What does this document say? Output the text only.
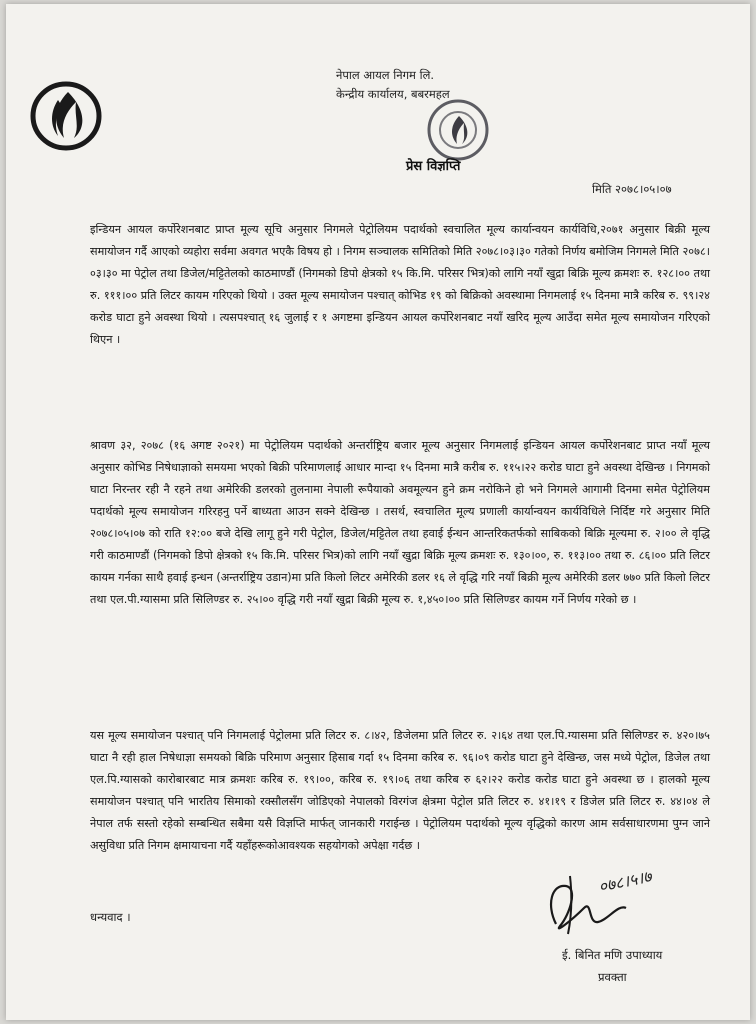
नेपाल आयल निगम लि.
केन्द्रीय कार्यालय, बबरमहल
प्रेस विज्ञप्ति
मिति २०७८।०५।०७

इन्डियन आयल कर्पोरेशनबाट प्राप्त मूल्य सूचि अनुसार निगमले पेट्रोलियम पदार्थको स्वचालित मूल्य कार्यान्वयन कार्यविधि,२०७१ अनुसार बिक्री मूल्य समायोजन गर्दै आएको व्यहोरा सर्वमा अवगत भएकै विषय हो । निगम सञ्चालक समितिको मिति २०७८।०३।३० गतेको निर्णय बमोजिम निगमले मिति २०७८।०३।३० मा पेट्रोल तथा डिजेल/मट्टितेलको काठमाण्डौं (निगमको डिपो क्षेत्रको १५ कि.मि. परिसर भित्र)को लागि नयाँ खुद्रा बिक्रि मूल्य क्रमशः रु. १२८।०० तथा रु. १११।०० प्रति लिटर कायम गरिएको थियो । उक्त मूल्य समायोजन पश्चात् कोभिड १९ को बिक्रिको अवस्थामा निगमलाई १५ दिनमा मात्रै करिब रु. ९९।२४ करोड घाटा हुने अवस्था थियो । त्यसपश्चात् १६ जुलाई र १ अगष्टमा इन्डियन आयल कर्पोरेशनबाट नयाँ खरिद मूल्य आउँदा समेत मूल्य समायोजन गरिएको थिएन ।

श्रावण ३२, २०७८ (१६ अगष्ट २०२१) मा पेट्रोलियम पदार्थको अन्तर्राष्ट्रिय बजार मूल्य अनुसार निगमलाई इन्डियन आयल कर्पोरेशनबाट प्राप्त नयाँ मूल्य अनुसार कोभिड निषेधाज्ञाको समयमा भएको बिक्री परिमाणलाई आधार मान्दा १५ दिनमा मात्रै करीब रु. ११५।२२ करोड घाटा हुने अवस्था देखिन्छ । निगमको घाटा निरन्तर रही नै रहने तथा अमेरिकी डलरको तुलनामा नेपाली रूपैयाको अवमूल्यन हुने क्रम नरोकिने हो भने निगमले आगामी दिनमा समेत पेट्रोलियम पदार्थको मूल्य समायोजन गरिरहनु पर्ने बाध्यता आउन सक्ने देखिन्छ । तसर्थ, स्वचालित मूल्य प्रणाली कार्यान्वयन कार्यविधिले निर्दिष्ट गरे अनुसार मिति २०७८।०५।०७ को राति १२:०० बजे देखि लागू हुने गरी पेट्रोल, डिजेल/मट्टितेल तथा हवाई ईन्धन आन्तरिकतर्फको साबिकको बिक्रि मूल्यमा रु. २।०० ले वृद्धि गरी काठमाण्डौं (निगमको डिपो क्षेत्रको १५ कि.मि. परिसर भित्र)को लागि नयाँ खुद्रा बिक्रि मूल्य क्रमशः रु. १३०।००, रु. ११३।०० तथा रु. ८६।०० प्रति लिटर कायम गर्नका साथै हवाई इन्धन (अन्तर्राष्ट्रिय उडान)मा प्रति किलो लिटर अमेरिकी डलर १६ ले वृद्धि गरि नयाँ बिक्री मूल्य अमेरिकी डलर ७७० प्रति किलो लिटर तथा एल.पी.ग्यासमा प्रति सिलिण्डर रु. २५।०० वृद्धि गरी नयाँ खुद्रा बिक्री मूल्य रु. १,४५०।०० प्रति सिलिण्डर कायम गर्ने निर्णय गरेको छ ।

यस मूल्य समायोजन पश्चात् पनि निगमलाई पेट्रोलमा प्रति लिटर रु. ८।४२, डिजेलमा प्रति लिटर रु. २।६४ तथा एल.पि.ग्यासमा प्रति सिलिण्डर रु. ४२०।७५ घाटा नै रही हाल निषेधाज्ञा समयको बिक्रि परिमाण अनुसार हिसाब गर्दा १५ दिनमा करिब रु. ९६।०९ करोड घाटा हुने देखिन्छ, जस मध्ये पेट्रोल, डिजेल तथा एल.पि.ग्यासको कारोबारबाट मात्र क्रमशः करिब रु. १९।००, करिब रु. १९।०६ तथा करिब रु ६२।२२ करोड करोड घाटा हुने अवस्था छ । हालको मूल्य समायोजन पश्चात् पनि भारतिय सिमाको रक्सौलसँग जोडिएको नेपालको विरगंज क्षेत्रमा पेट्रोल प्रति लिटर रु. ४१।१९ र डिजेल प्रति लिटर रु. ४४।०४ ले नेपाल तर्फ सस्तो रहेको सम्बन्धित सबैमा यसै विज्ञप्ति मार्फत् जानकारी गराईन्छ । पेट्रोलियम पदार्थको मूल्य वृद्धिको कारण आम सर्वसाधारणमा पुग्न जाने असुविधा प्रति निगम क्षमायाचना गर्दै यहाँहरूकोआवश्यक सहयोगको अपेक्षा गर्दछ ।

धन्यवाद ।
०७८।५।७
ई. बिनित मणि उपाध्याय
प्रवक्ता
